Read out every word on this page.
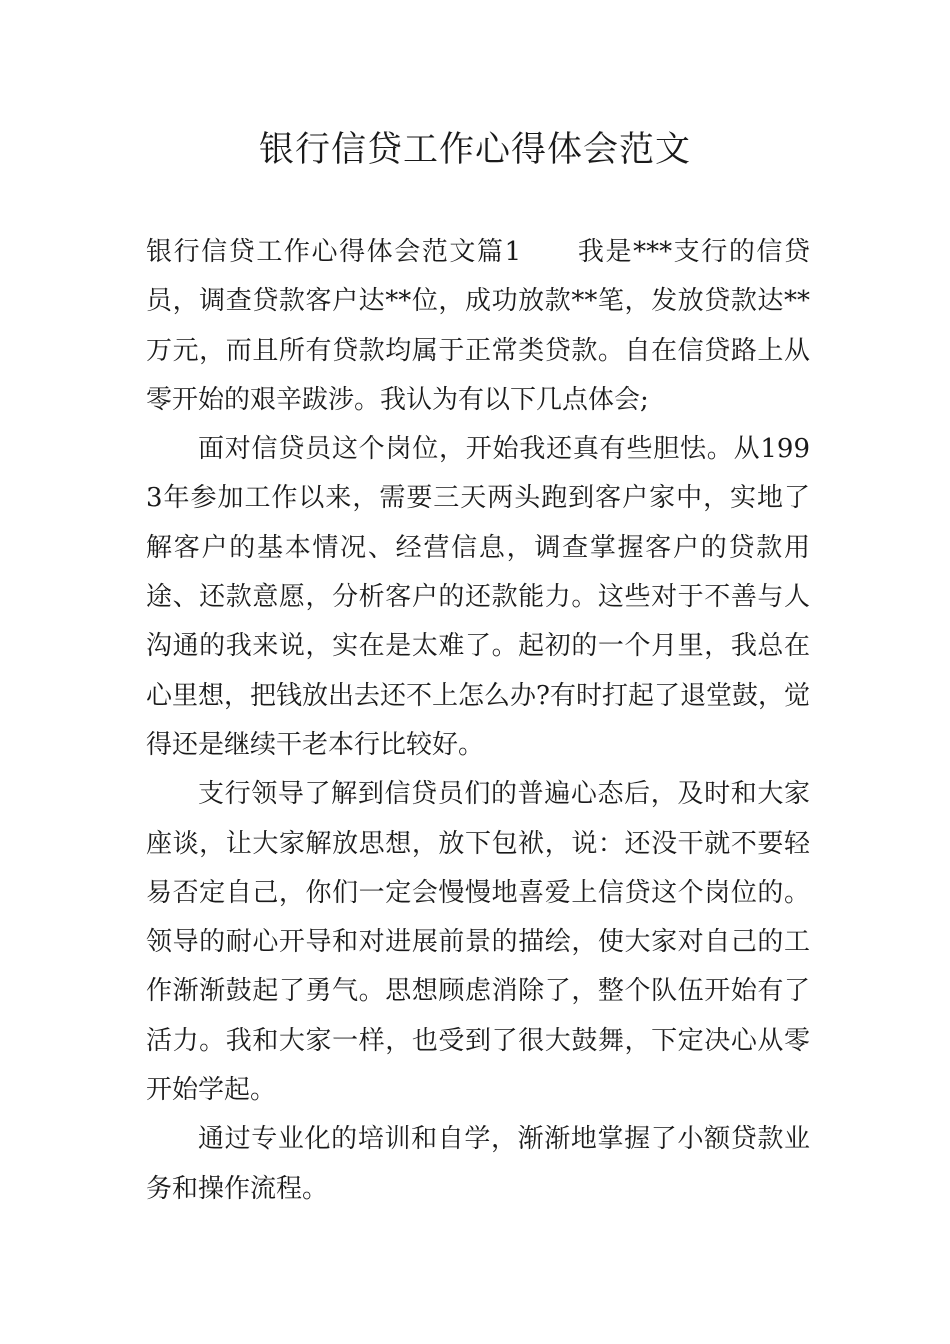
银行信贷工作心得体会范文

银行信贷工作心得体会范文篇1　　我是***支行的信贷员，调查贷款客户达**位，成功放款**笔，发放贷款达**万元，而且所有贷款均属于正常类贷款。自在信贷路上从零开始的艰辛跋涉。我认为有以下几点体会;

面对信贷员这个岗位，开始我还真有些胆怯。从1993年参加工作以来，需要三天两头跑到客户家中，实地了解客户的基本情况、经营信息，调查掌握客户的贷款用途、还款意愿，分析客户的还款能力。这些对于不善与人沟通的我来说，实在是太难了。起初的一个月里，我总在心里想，把钱放出去还不上怎么办?有时打起了退堂鼓，觉得还是继续干老本行比较好。

支行领导了解到信贷员们的普遍心态后，及时和大家座谈，让大家解放思想，放下包袱，说：还没干就不要轻易否定自己，你们一定会慢慢地喜爱上信贷这个岗位的。领导的耐心开导和对进展前景的描绘，使大家对自己的工作渐渐鼓起了勇气。思想顾虑消除了，整个队伍开始有了活力。我和大家一样，也受到了很大鼓舞，下定决心从零开始学起。

通过专业化的培训和自学，渐渐地掌握了小额贷款业务和操作流程。
